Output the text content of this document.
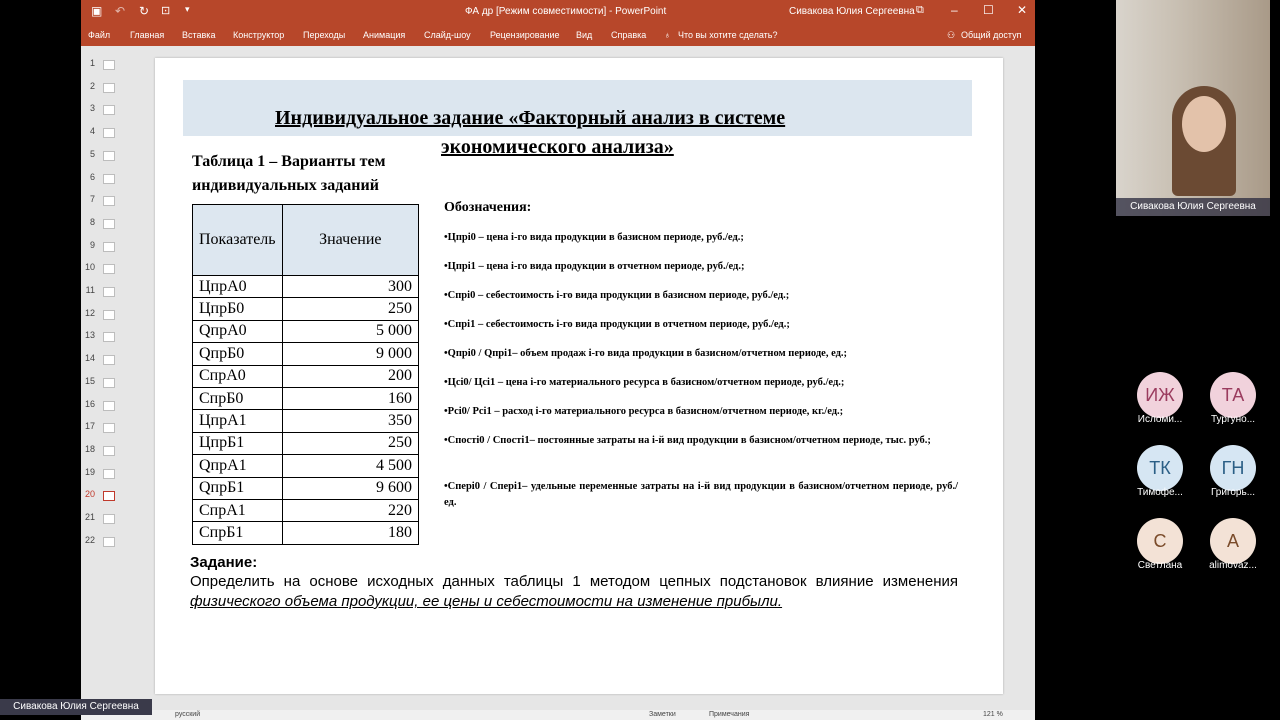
▣ ↶ ↻ ⊡ ▾	ФА др [Режим совместимости] - PowerPoint	Сивакова Юлия Сергеевна ⧉ – ☐ ✕
Файл Главная Вставка Конструктор Переходы Анимация Слайд-шоу Рецензирование Вид Справка ♁ Что вы хотите сделать?	⚇ Общий доступ
1
2
3
4
5
6
7
8
9
10
11
12
13
14
15
16
17
18
19
20
21
22
Индивидуальное задание «Факторный анализ в системе
экономического анализа»
Таблица 1 – Варианты тем индивидуальных заданий
Показатель	Значение
ЦпрА0	300
ЦпрБ0	250
QпрА0	5 000
QпрБ0	9 000
СпрА0	200
СпрБ0	160
ЦпрА1	350
ЦпрБ1	250
QпрА1	4 500
QпрБ1	9 600
СпрА1	220
СпрБ1	180
Обозначения:
Задание:
Определить на основе исходных данных таблицы 1 методом цепных подстановок влияние изменения физического объема продукции, ее цены и себестоимости на изменение прибыли.
•Цпрі0 – цена і-го вида продукции в базисном периоде, руб./ед.;
•Цпрі1 – цена і-го вида продукции в отчетном периоде, руб./ед.;
•Спрі0 – себестоимость і-го вида продукции в базисном периоде, руб./ед.;
•Спрі1 – себестоимость і-го вида продукции в отчетном периоде, руб./ед.;
•Qпрі0 / Qпрі1– объем продаж і-го вида продукции в базисном/отчетном периоде, ед.;
•Цсі0/ Цсі1 – цена і-го материального ресурса в базисном/отчетном периоде, руб./ед.;
•Рсі0/ Рсі1 – расход і-го материального ресурса в базисном/отчетном периоде, кг./ед.;
•Спості0 / Спості1– постоянные затраты на і-й вид продукции в базисном/отчетном периоде, тыс. руб.;
•Сперi0 / Сперi1– удельные переменные затраты на i-й вид продукции в базисном/отчетном периоде, руб./ед.
русский	Заметки	Примечания	121 %
Сивакова Юлия Сергеевна
ИЖ
Исломи...
ТА
Тургуно...
ТК
Тимофе...
ГН
Григорь...
С
Светлана
А
alimovaz...
Сивакова Юлия Сергеевна
